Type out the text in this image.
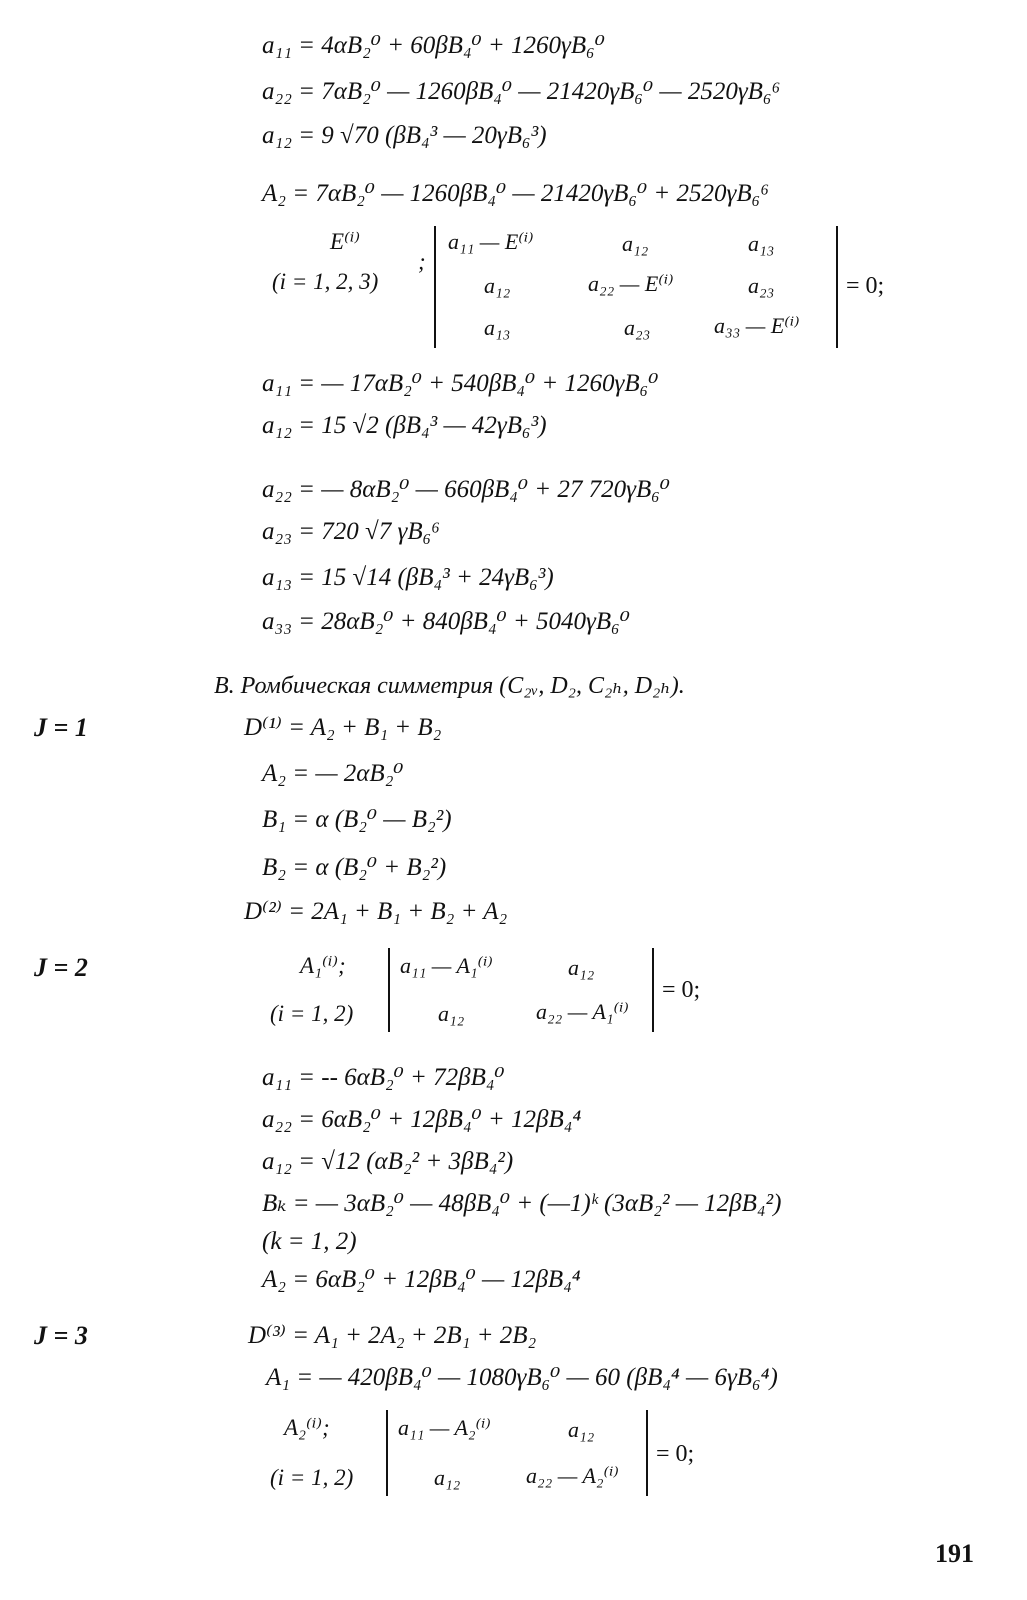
a₁₁ = 4αB₂⁰ + 60βB₄⁰ + 1260γB₆⁰
a₂₂ = 7αB₂⁰ — 1260βB₄⁰ — 21420γB₆⁰ — 2520γB₆⁶
a₁₂ = 9 √70 (βB₄³ — 20γB₆³)
A₂ = 7αB₂⁰ — 1260βB₄⁰ — 21420γB₆⁰ + 2520γB₆⁶
E⁽ⁱ⁾
;
(i = 1, 2, 3)
a₁₁ — E⁽ⁱ⁾	a₁₂	a₁₃
a₁₂	a₂₂ — E⁽ⁱ⁾	a₂₃
a₁₃	a₂₃	a₃₃ — E⁽ⁱ⁾
= 0;
a₁₁ = — 17αB₂⁰ + 540βB₄⁰ + 1260γB₆⁰
a₁₂ = 15 √2 (βB₄³ — 42γB₆³)
a₂₂ = — 8αB₂⁰ — 660βB₄⁰ + 27 720γB₆⁰
a₂₃ = 720 √7 γB₆⁶
a₁₃ = 15 √14 (βB₄³ + 24γB₆³)
a₃₃ = 28αB₂⁰ + 840βB₄⁰ + 5040γB₆⁰
В. Ромбическая симметрия (C₂ᵥ, D₂, C₂ₕ, D₂ₕ).
J = 1	D⁽¹⁾ = A₂ + B₁ + B₂
A₂ = — 2αB₂⁰
B₁ = α (B₂⁰ — B₂²)
B₂ = α (B₂⁰ + B₂²)
D⁽²⁾ = 2A₁ + B₁ + B₂ + A₂
J = 2	A₁⁽ⁱ⁾;
(i = 1, 2)
a₁₁ — A₁⁽ⁱ⁾	a₁₂
a₁₂	a₂₂ — A₁⁽ⁱ⁾
= 0;
a₁₁ = -- 6αB₂⁰ + 72βB₄⁰
a₂₂ = 6αB₂⁰ + 12βB₄⁰ + 12βB₄⁴
a₁₂ = √12 (αB₂² + 3βB₄²)
Bₖ = — 3αB₂⁰ — 48βB₄⁰ + (—1)ᵏ (3αB₂² — 12βB₄²)
(k = 1, 2)
A₂ = 6αB₂⁰ + 12βB₄⁰ — 12βB₄⁴
J = 3	D⁽³⁾ = A₁ + 2A₂ + 2B₁ + 2B₂
A₁ = — 420βB₄⁰ — 1080γB₆⁰ — 60 (βB₄⁴ — 6γB₆⁴)
A₂⁽ⁱ⁾;
(i = 1, 2)
a₁₁ — A₂⁽ⁱ⁾	a₁₂
a₁₂	a₂₂ — A₂⁽ⁱ⁾
= 0;
191
